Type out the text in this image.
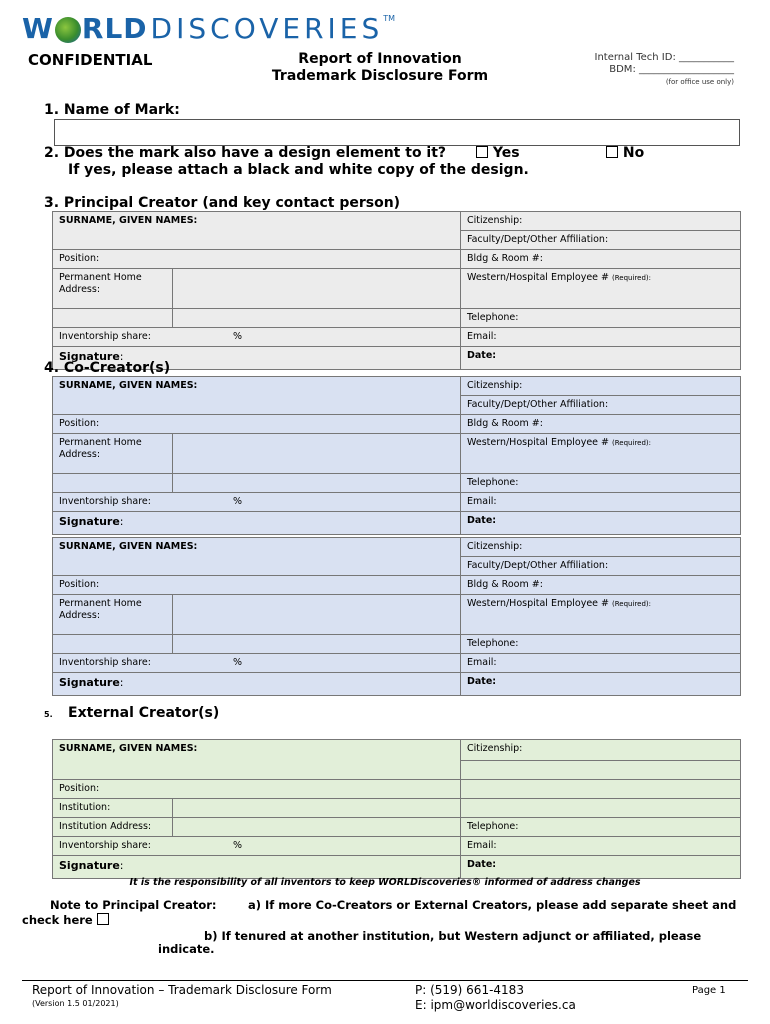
W RLD DISCOVERIES TM
CONFIDENTIAL	Report of Innovation
Trademark Disclosure Form
Internal Tech ID: ___________
BDM: ___________________
(for office use only)
1. Name of Mark:
2. Does the mark also have a design element to it?	Yes	No
If yes, please attach a black and white copy of the design.
3. Principal Creator (and key contact person)
SURNAME, GIVEN NAMES:		Citizenship:
		Faculty/Dept/Other Affiliation:
Position:		Bldg & Room #:
Permanent Home Address:		Western/Hospital Employee # (Required):
		Telephone:
Inventorship share: %		Email:
Signature:		Date:
4. Co-Creator(s)
SURNAME, GIVEN NAMES:		Citizenship:
		Faculty/Dept/Other Affiliation:
Position:		Bldg & Room #:
Permanent Home Address:		Western/Hospital Employee # (Required):
		Telephone:
Inventorship share: %		Email:
Signature:		Date:
SURNAME, GIVEN NAMES:		Citizenship:
		Faculty/Dept/Other Affiliation:
Position:		Bldg & Room #:
Permanent Home Address:		Western/Hospital Employee # (Required):
		Telephone:
Inventorship share: %		Email:
Signature:		Date:
5. External Creator(s)
SURNAME, GIVEN NAMES:		Citizenship:

Position:		
Institution:		
Institution Address:		Telephone:
Inventorship share: %		Email:
Signature:		Date:
It is the responsibility of all inventors to keep WORLDiscoveries® informed of address changes
Note to Principal Creator:	a) If more Co-Creators or External Creators, please add separate sheet and
check here
b) If tenured at another institution, but Western adjunct or affiliated, please
indicate.
Report of Innovation – Trademark Disclosure Form
(Version 1.5 01/2021)
P: (519) 661-4183
E: ipm@worldiscoveries.ca
Page 1
